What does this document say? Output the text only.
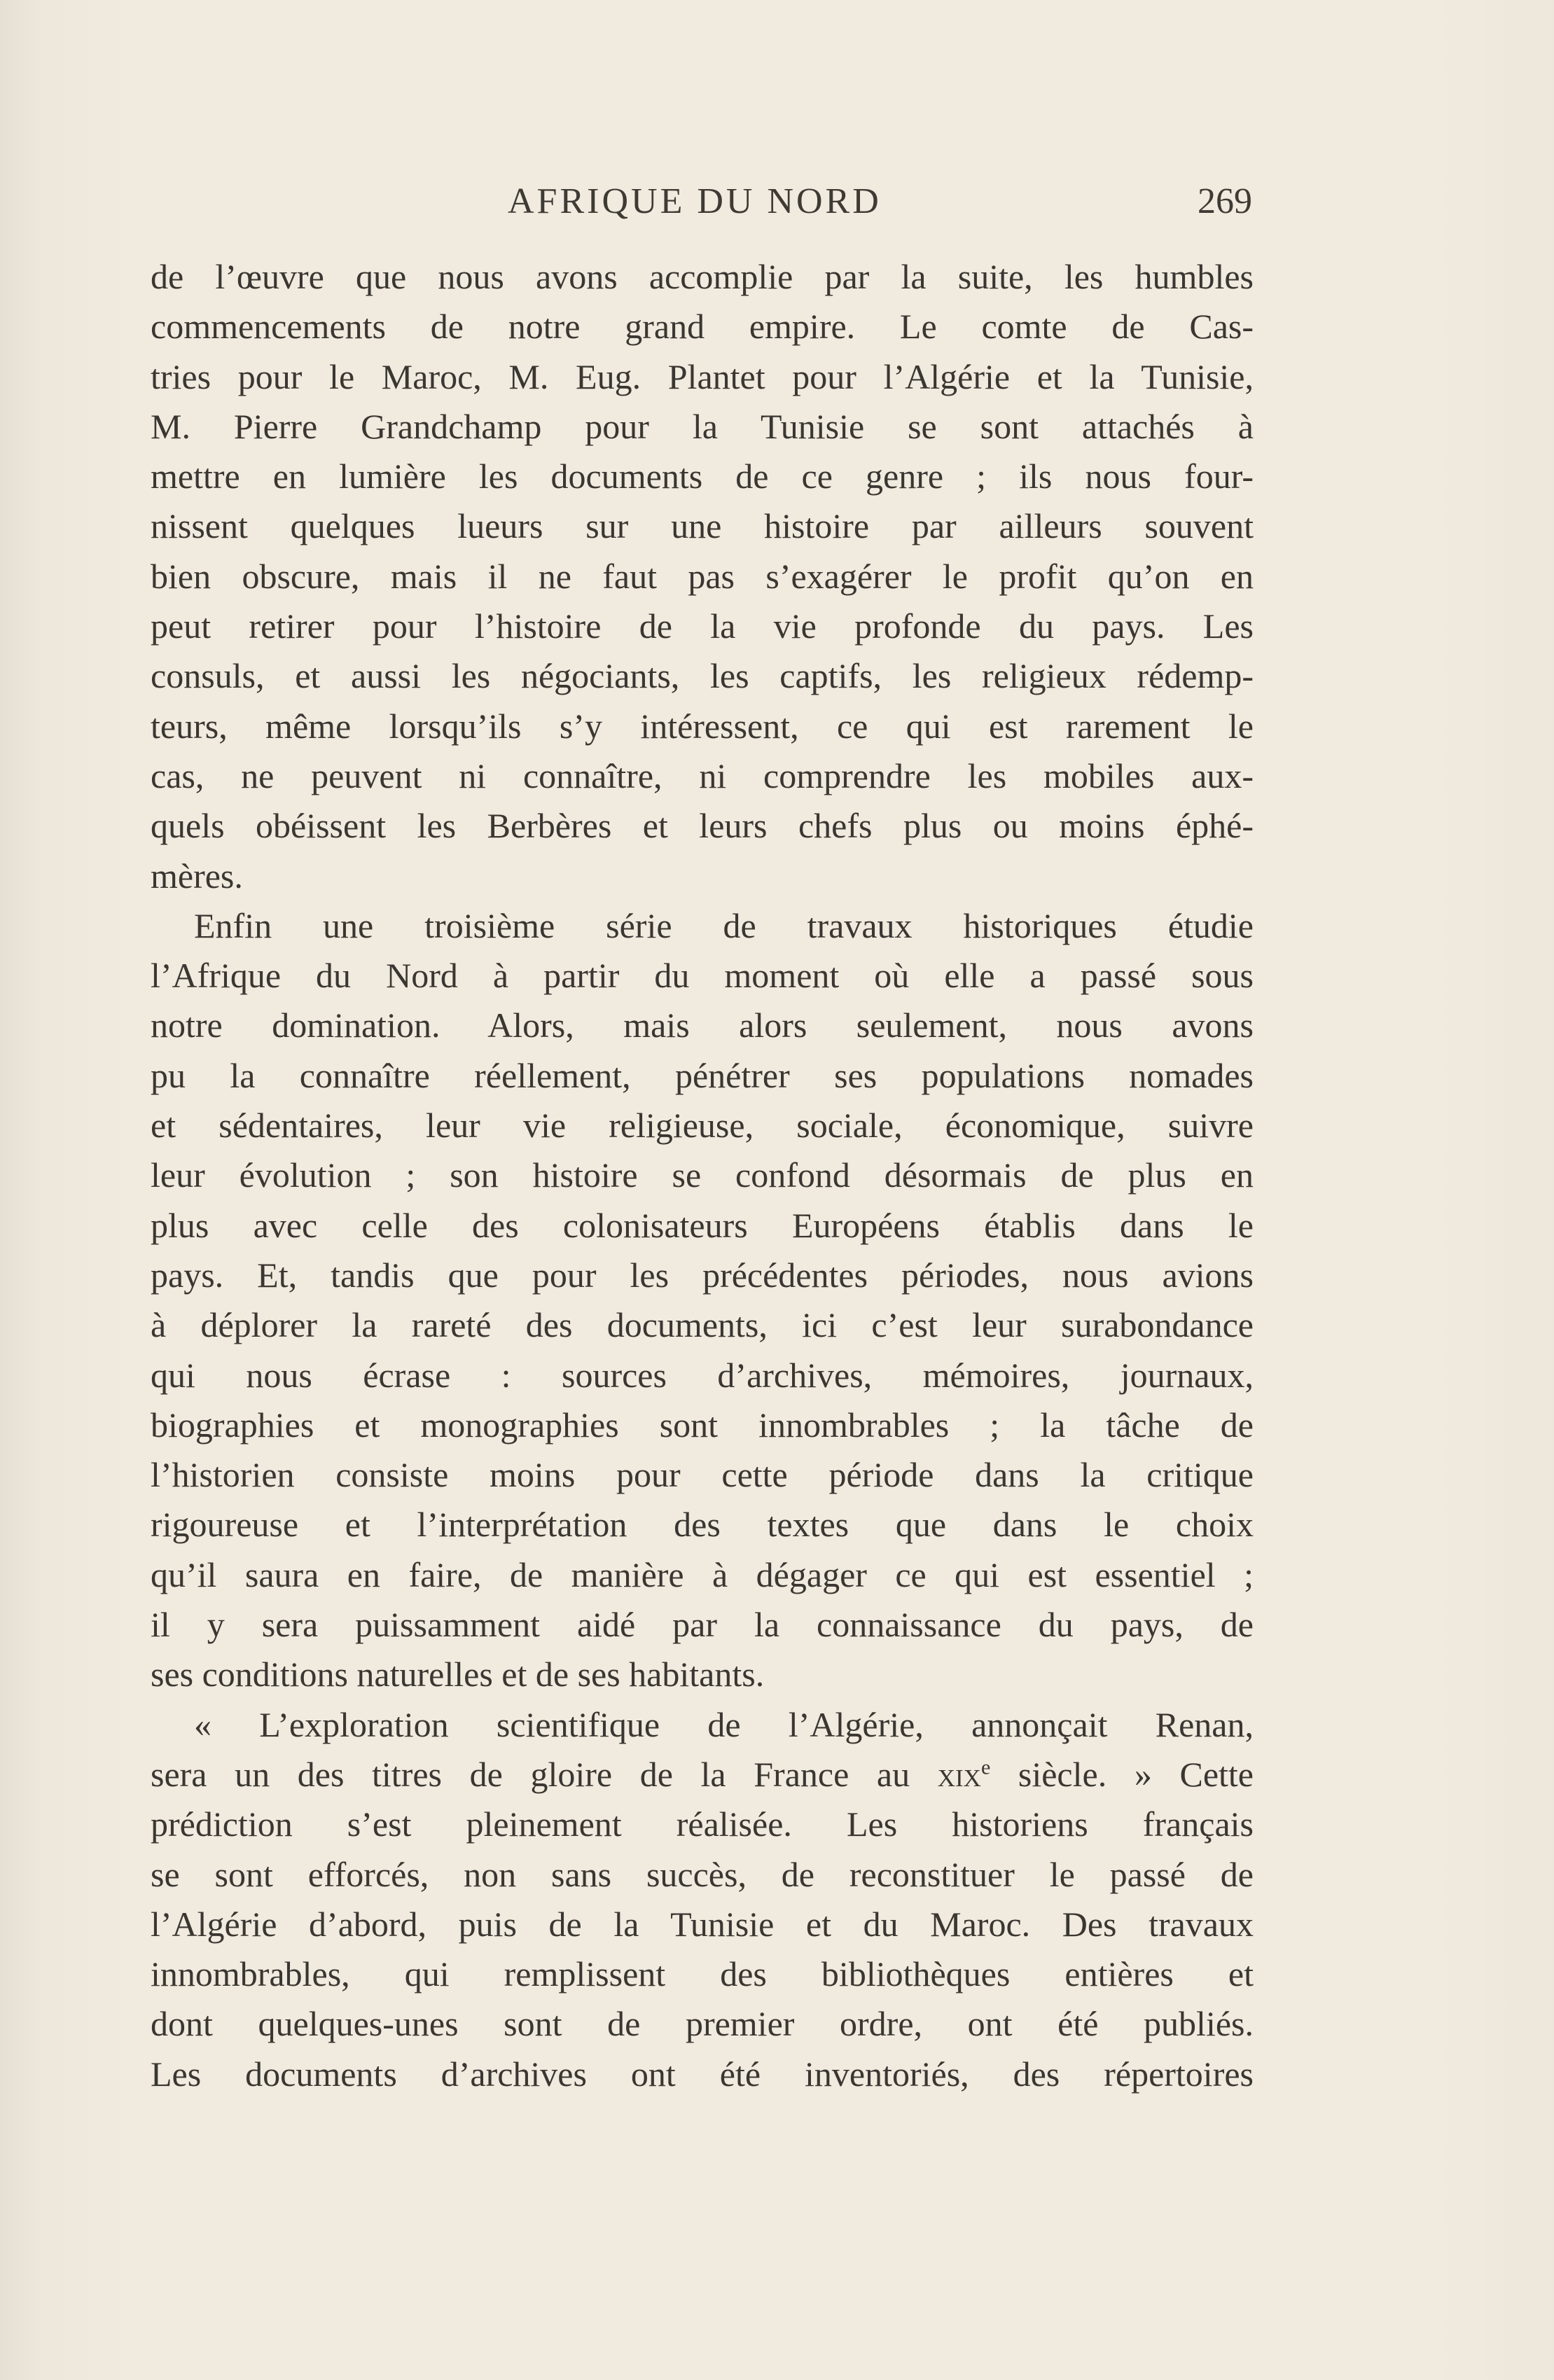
AFRIQUE DU NORD	269
de l’œuvre que nous avons accomplie par la suite, les humbles
commencements de notre grand empire. Le comte de Cas-
tries pour le Maroc, M. Eug. Plantet pour l’Algérie et la Tunisie,
M. Pierre Grandchamp pour la Tunisie se sont attachés à
mettre en lumière les documents de ce genre ; ils nous four-
nissent quelques lueurs sur une histoire par ailleurs souvent
bien obscure, mais il ne faut pas s’exagérer le profit qu’on en
peut retirer pour l’histoire de la vie profonde du pays. Les
consuls, et aussi les négociants, les captifs, les religieux rédemp-
teurs, même lorsqu’ils s’y intéressent, ce qui est rarement le
cas, ne peuvent ni connaître, ni comprendre les mobiles aux-
quels obéissent les Berbères et leurs chefs plus ou moins éphé-
mères.
Enfin une troisième série de travaux historiques étudie
l’Afrique du Nord à partir du moment où elle a passé sous
notre domination. Alors, mais alors seulement, nous avons
pu la connaître réellement, pénétrer ses populations nomades
et sédentaires, leur vie religieuse, sociale, économique, suivre
leur évolution ; son histoire se confond désormais de plus en
plus avec celle des colonisateurs Européens établis dans le
pays. Et, tandis que pour les précédentes périodes, nous avions
à déplorer la rareté des documents, ici c’est leur surabondance
qui nous écrase : sources d’archives, mémoires, journaux,
biographies et monographies sont innombrables ; la tâche de
l’historien consiste moins pour cette période dans la critique
rigoureuse et l’interprétation des textes que dans le choix
qu’il saura en faire, de manière à dégager ce qui est essentiel ;
il y sera puissamment aidé par la connaissance du pays, de
ses conditions naturelles et de ses habitants.
« L’exploration scientifique de l’Algérie, annonçait Renan,
sera un des titres de gloire de la France au xix$^e$ siècle. » Cette
prédiction s’est pleinement réalisée. Les historiens français
se sont efforcés, non sans succès, de reconstituer le passé de
l’Algérie d’abord, puis de la Tunisie et du Maroc. Des travaux
innombrables, qui remplissent des bibliothèques entières et
dont quelques-unes sont de premier ordre, ont été publiés.
Les documents d’archives ont été inventoriés, des répertoires
